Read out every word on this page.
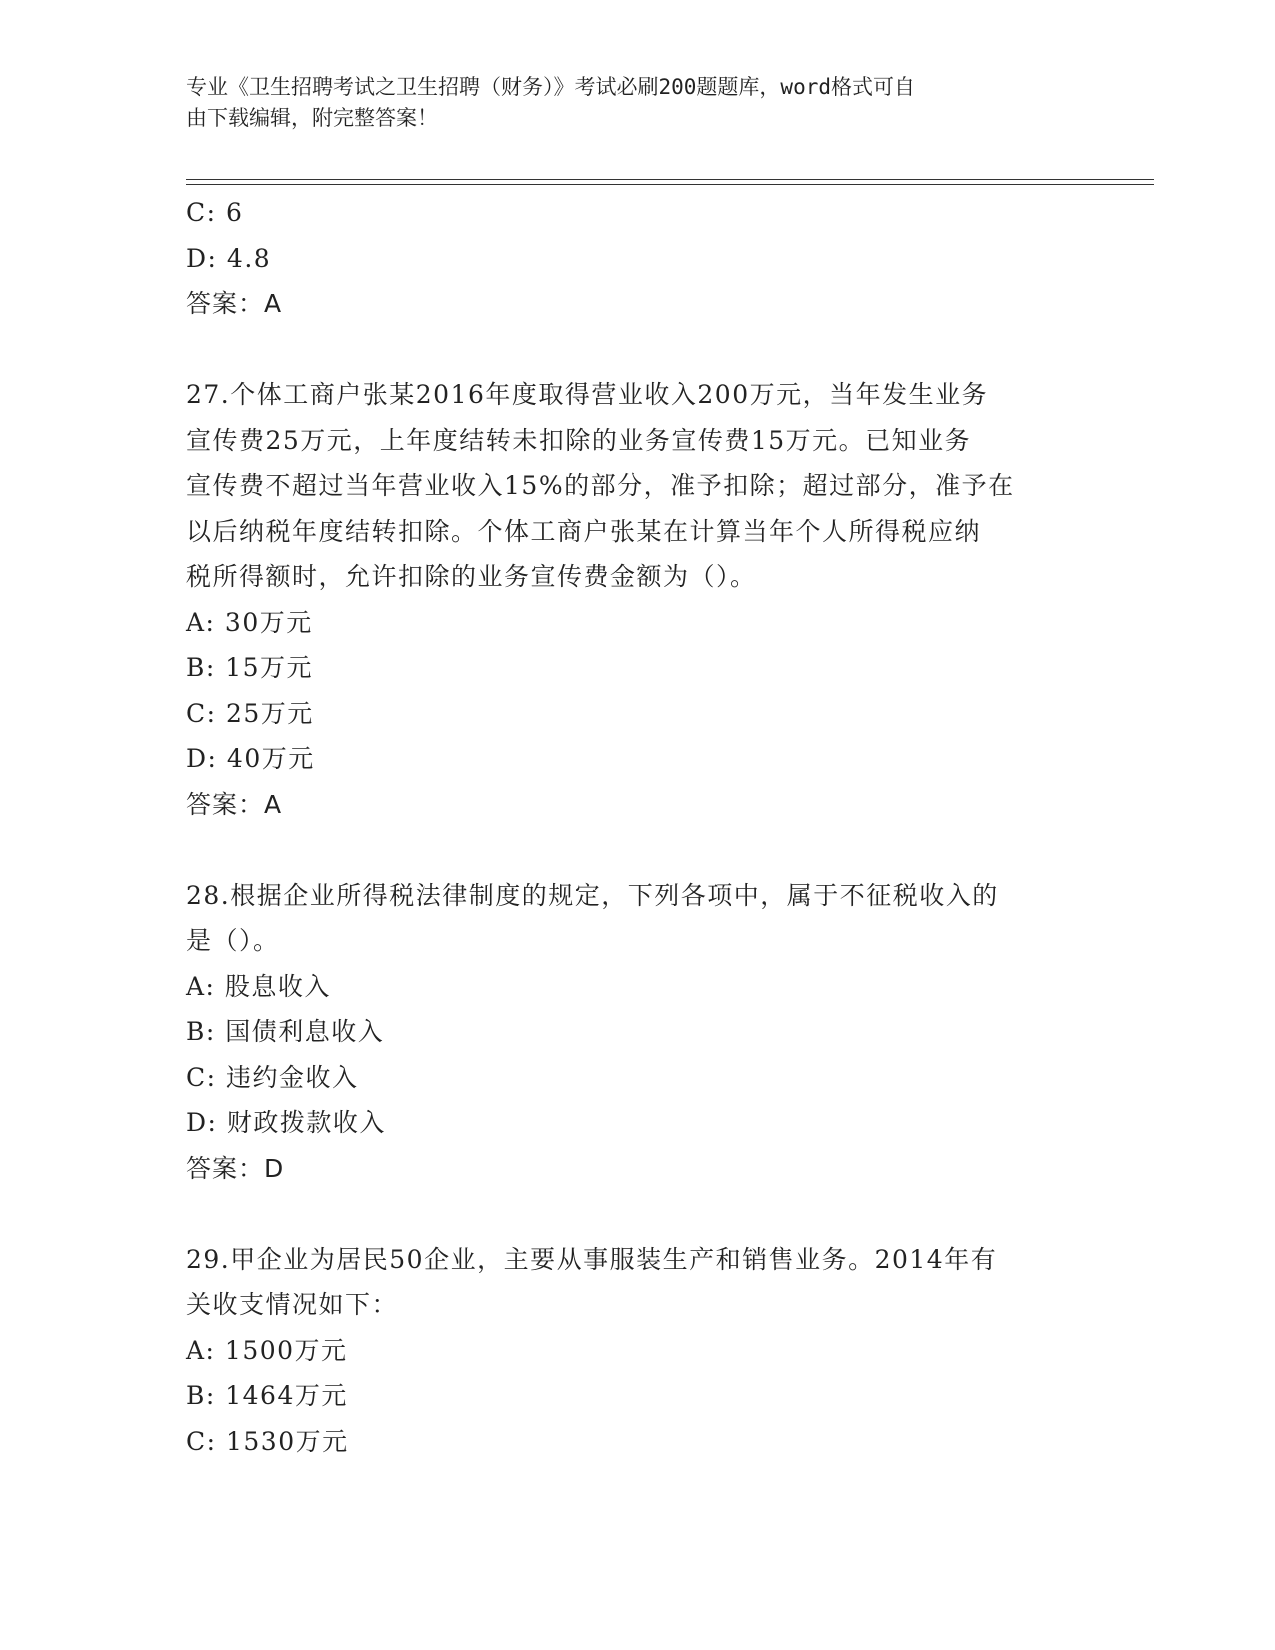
专业《卫生招聘考试之卫生招聘（财务）》考试必刷200题题库，word格式可自
由下载编辑，附完整答案！
C: 6
D: 4.8
答案：A
27.个体工商户张某2016年度取得营业收入200万元，当年发生业务
宣传费25万元，上年度结转未扣除的业务宣传费15万元。已知业务
宣传费不超过当年营业收入15%的部分，准予扣除；超过部分，准予在
以后纳税年度结转扣除。个体工商户张某在计算当年个人所得税应纳
税所得额时，允许扣除的业务宣传费金额为（）。
A: 30万元
B: 15万元
C: 25万元
D: 40万元
答案：A
28.根据企业所得税法律制度的规定，下列各项中，属于不征税收入的
是（）。
A: 股息收入
B: 国债利息收入
C: 违约金收入
D: 财政拨款收入
答案：D
29.甲企业为居民50企业，主要从事服装生产和销售业务。2014年有
关收支情况如下：
A: 1500万元
B: 1464万元
C: 1530万元
